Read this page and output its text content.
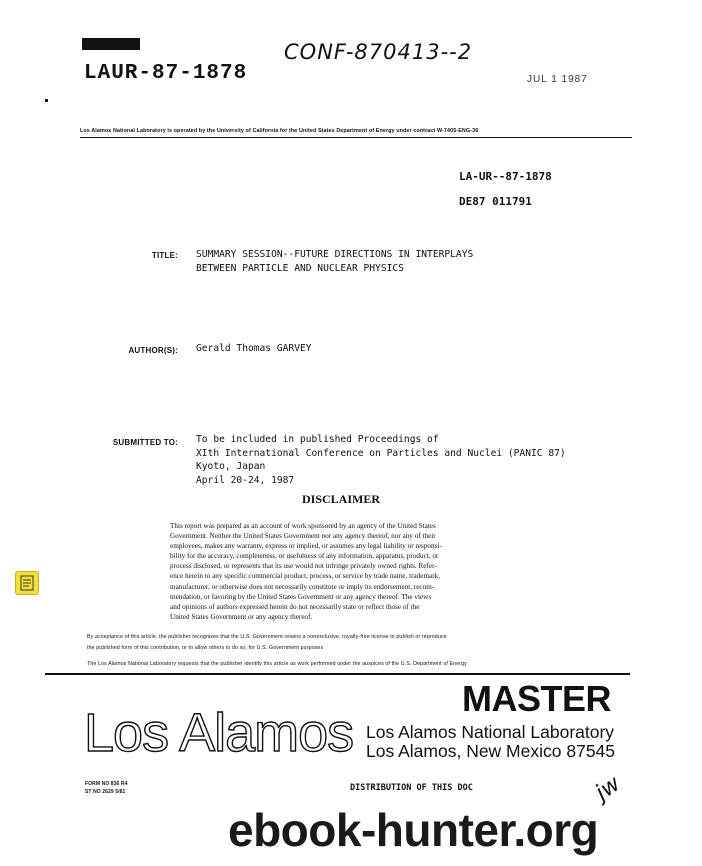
LAUR-87-1878
CONF-870413--2
JUL 1 1987
Los Alamos National Laboratory is operated by the University of California for the United States Department of Energy under contract W-7405-ENG-36
LA-UR--87-1878
DE87 011791
TITLE: SUMMARY SESSION--FUTURE DIRECTIONS IN INTERPLAYS
BETWEEN PARTICLE AND NUCLEAR PHYSICS
AUTHOR(S): Gerald Thomas GARVEY
SUBMITTED TO: To be included in published Proceedings of
XIth International Conference on Particles and Nuclei (PANIC 87)
Kyoto, Japan
April 20-24, 1987
DISCLAIMER
This report was prepared as an account of work sponsored by an agency of the United States
Government. Neither the United States Government nor any agency thereof, nor any of their
employees, makes any warranty, express or implied, or assumes any legal liability or responsi-
bility for the accuracy, completeness, or usefulness of any information, apparatus, product, or
process disclosed, or represents that its use would not infringe privately owned rights. Refer-
ence herein to any specific commercial product, process, or service by trade name, trademark,
manufacturer, or otherwise does not necessarily constitute or imply its endorsement, recom-
mendation, or favoring by the United States Government or any agency thereof. The views
and opinions of authors expressed herein do not necessarily state or reflect those of the
United States Government or any agency thereof.
By acceptance of this article, the publisher recognizes that the U.S. Government retains a nonexclusive, royalty-free license to publish or reproduce
the published form of this contribution, or to allow others to do so, for U.S. Government purposes
The Los Alamos National Laboratory requests that the publisher identify this article as work performed under the auspices of the U.S. Department of Energy
MASTER
Los Alamos Los Alamos National Laboratory
Los Alamos, New Mexico 87545
FORM NO 836 R4
ST NO 2629 5/81	DISTRIBUTION OF THIS DOC	jw
ebook-hunter.org
